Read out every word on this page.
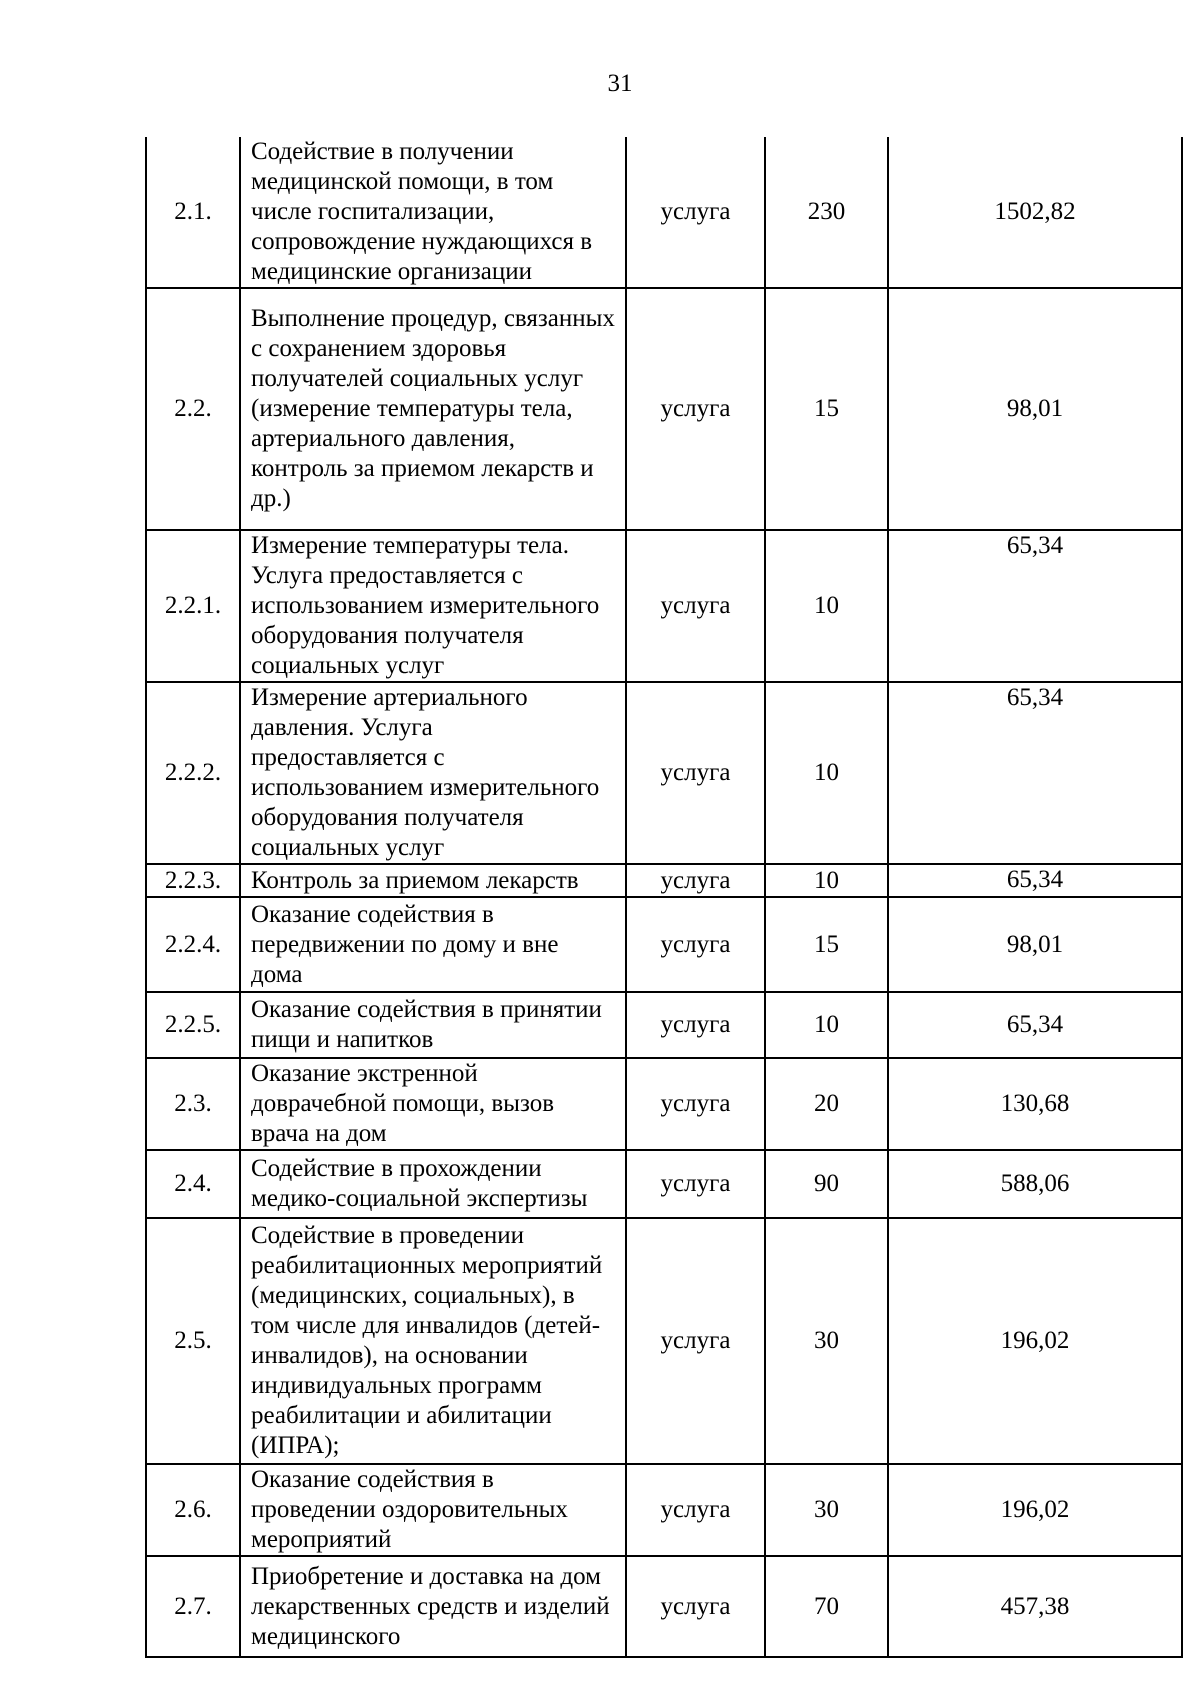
31
2.1.	Содействие в получении медицинской помощи, в том числе госпитализации, сопровождение нуждающихся в медицинские организации	услуга	230	1502,82
2.2.	Выполнение процедур, связанных с сохранением здоровья получателей социальных услуг (измерение температуры тела, артериального давления, контроль за приемом лекарств и др.)	услуга	15	98,01
2.2.1.	Измерение температуры тела. Услуга предоставляется с использованием измерительного оборудования получателя социальных услуг	услуга	10	65,34
2.2.2.	Измерение артериального давления. Услуга предоставляется с использованием измерительного оборудования получателя социальных услуг	услуга	10	65,34
2.2.3.	Контроль за приемом лекарств	услуга	10	65,34
2.2.4.	Оказание содействия в передвижении по дому и вне дома	услуга	15	98,01
2.2.5.	Оказание содействия в принятии пищи и напитков	услуга	10	65,34
2.3.	Оказание экстренной доврачебной помощи, вызов врача на дом	услуга	20	130,68
2.4.	Содействие в прохождении медико-социальной экспертизы	услуга	90	588,06
2.5.	Содействие в проведении реабилитационных мероприятий (медицинских, социальных), в том числе для инвалидов (детей-инвалидов), на основании индивидуальных программ реабилитации и абилитации (ИПРА);	услуга	30	196,02
2.6.	Оказание содействия в проведении оздоровительных мероприятий	услуга	30	196,02
2.7.	Приобретение и доставка на дом лекарственных средств и изделий медицинского	услуга	70	457,38
